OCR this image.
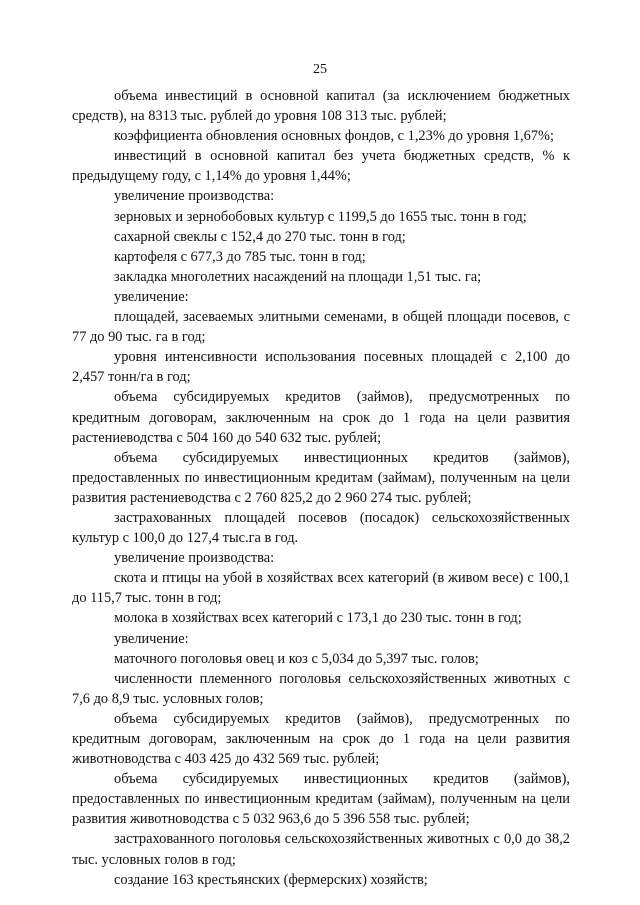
25

объема инвестиций в основной капитал (за исключением бюджетных средств), на 8313 тыс. рублей до уровня 108 313 тыс. рублей;

коэффициента обновления основных фондов, с 1,23% до уровня 1,67%;

инвестиций в основной капитал без учета бюджетных средств, % к предыдущему году, с 1,14% до уровня 1,44%;

увеличение производства:

зерновых и зернобобовых культур с 1199,5 до 1655 тыс. тонн в год;

сахарной свеклы с 152,4 до 270 тыс. тонн в год;

картофеля с 677,3 до 785 тыс. тонн в год;

закладка многолетних насаждений на площади 1,51 тыс. га;

увеличение:

площадей, засеваемых элитными семенами, в общей площади посевов, с 77 до 90 тыс. га в год;

уровня интенсивности использования посевных площадей с 2,100 до 2,457 тонн/га в год;

объема субсидируемых кредитов (займов), предусмотренных по кредитным договорам, заключенным на срок до 1 года на цели развития растениеводства с 504 160 до 540 632 тыс. рублей;

объема субсидируемых инвестиционных кредитов (займов), предоставленных по инвестиционным кредитам (займам), полученным на цели развития растениеводства с 2 760 825,2 до 2 960 274 тыс. рублей;

застрахованных площадей посевов (посадок) сельскохозяйственных культур с 100,0 до 127,4 тыс.га в год.

увеличение производства:

скота и птицы на убой в хозяйствах всех категорий (в живом весе) с 100,1 до 115,7 тыс. тонн в год;

молока в хозяйствах всех категорий с 173,1 до 230 тыс. тонн в год;

увеличение:

маточного поголовья овец и коз с 5,034 до 5,397 тыс. голов;

численности племенного поголовья сельскохозяйственных животных с 7,6 до 8,9 тыс. условных голов;

объема субсидируемых кредитов (займов), предусмотренных по кредитным договорам, заключенным на срок до 1 года на цели развития животноводства с 403 425 до 432 569 тыс. рублей;

объема субсидируемых инвестиционных кредитов (займов), предоставленных по инвестиционным кредитам (займам), полученным на цели развития животноводства с 5 032 963,6 до 5 396 558 тыс. рублей;

застрахованного поголовья сельскохозяйственных животных с 0,0 до 38,2 тыс. условных голов в год;

создание 163 крестьянских (фермерских) хозяйств;
